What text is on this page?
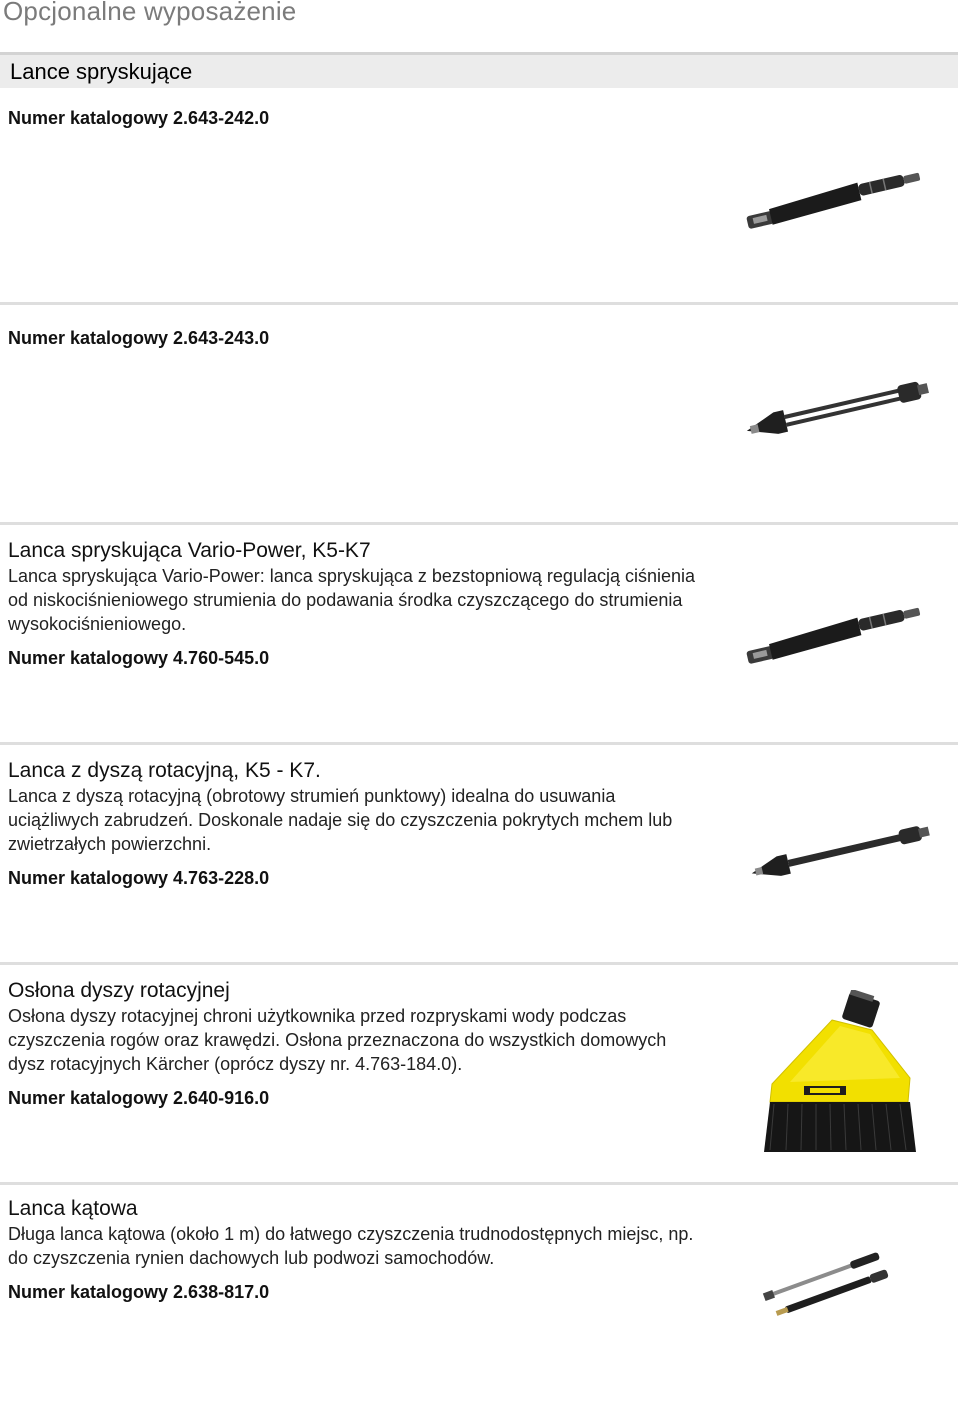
Opcjonalne wyposażenie
Lance spryskujące

Numer katalogowy 2.643-242.0

Numer katalogowy 2.643-243.0

Lanca spryskująca Vario-Power, K5-K7

Lanca spryskująca Vario-Power: lanca spryskująca z bezstopniową regulacją ciśnienia od niskociśnieniowego strumienia do podawania środka czyszczącego do strumienia wysokociśnieniowego.

Numer katalogowy 4.760-545.0

Lanca z dyszą rotacyjną, K5 - K7.

Lanca z dyszą rotacyjną (obrotowy strumień punktowy) idealna do usuwania uciążliwych zabrudzeń. Doskonale nadaje się do czyszczenia pokrytych mchem lub zwietrzałych powierzchni.

Numer katalogowy 4.763-228.0

Osłona dyszy rotacyjnej

Osłona dyszy rotacyjnej chroni użytkownika przed rozpryskami wody podczas czyszczenia rogów oraz krawędzi. Osłona przeznaczona do wszystkich domowych dysz rotacyjnych Kärcher (oprócz dyszy nr. 4.763-184.0).

Numer katalogowy 2.640-916.0

Lanca kątowa

Długa lanca kątowa (około 1 m) do łatwego czyszczenia trudnodostępnych miejsc, np. do czyszczenia rynien dachowych lub podwozi samochodów.

Numer katalogowy 2.638-817.0
